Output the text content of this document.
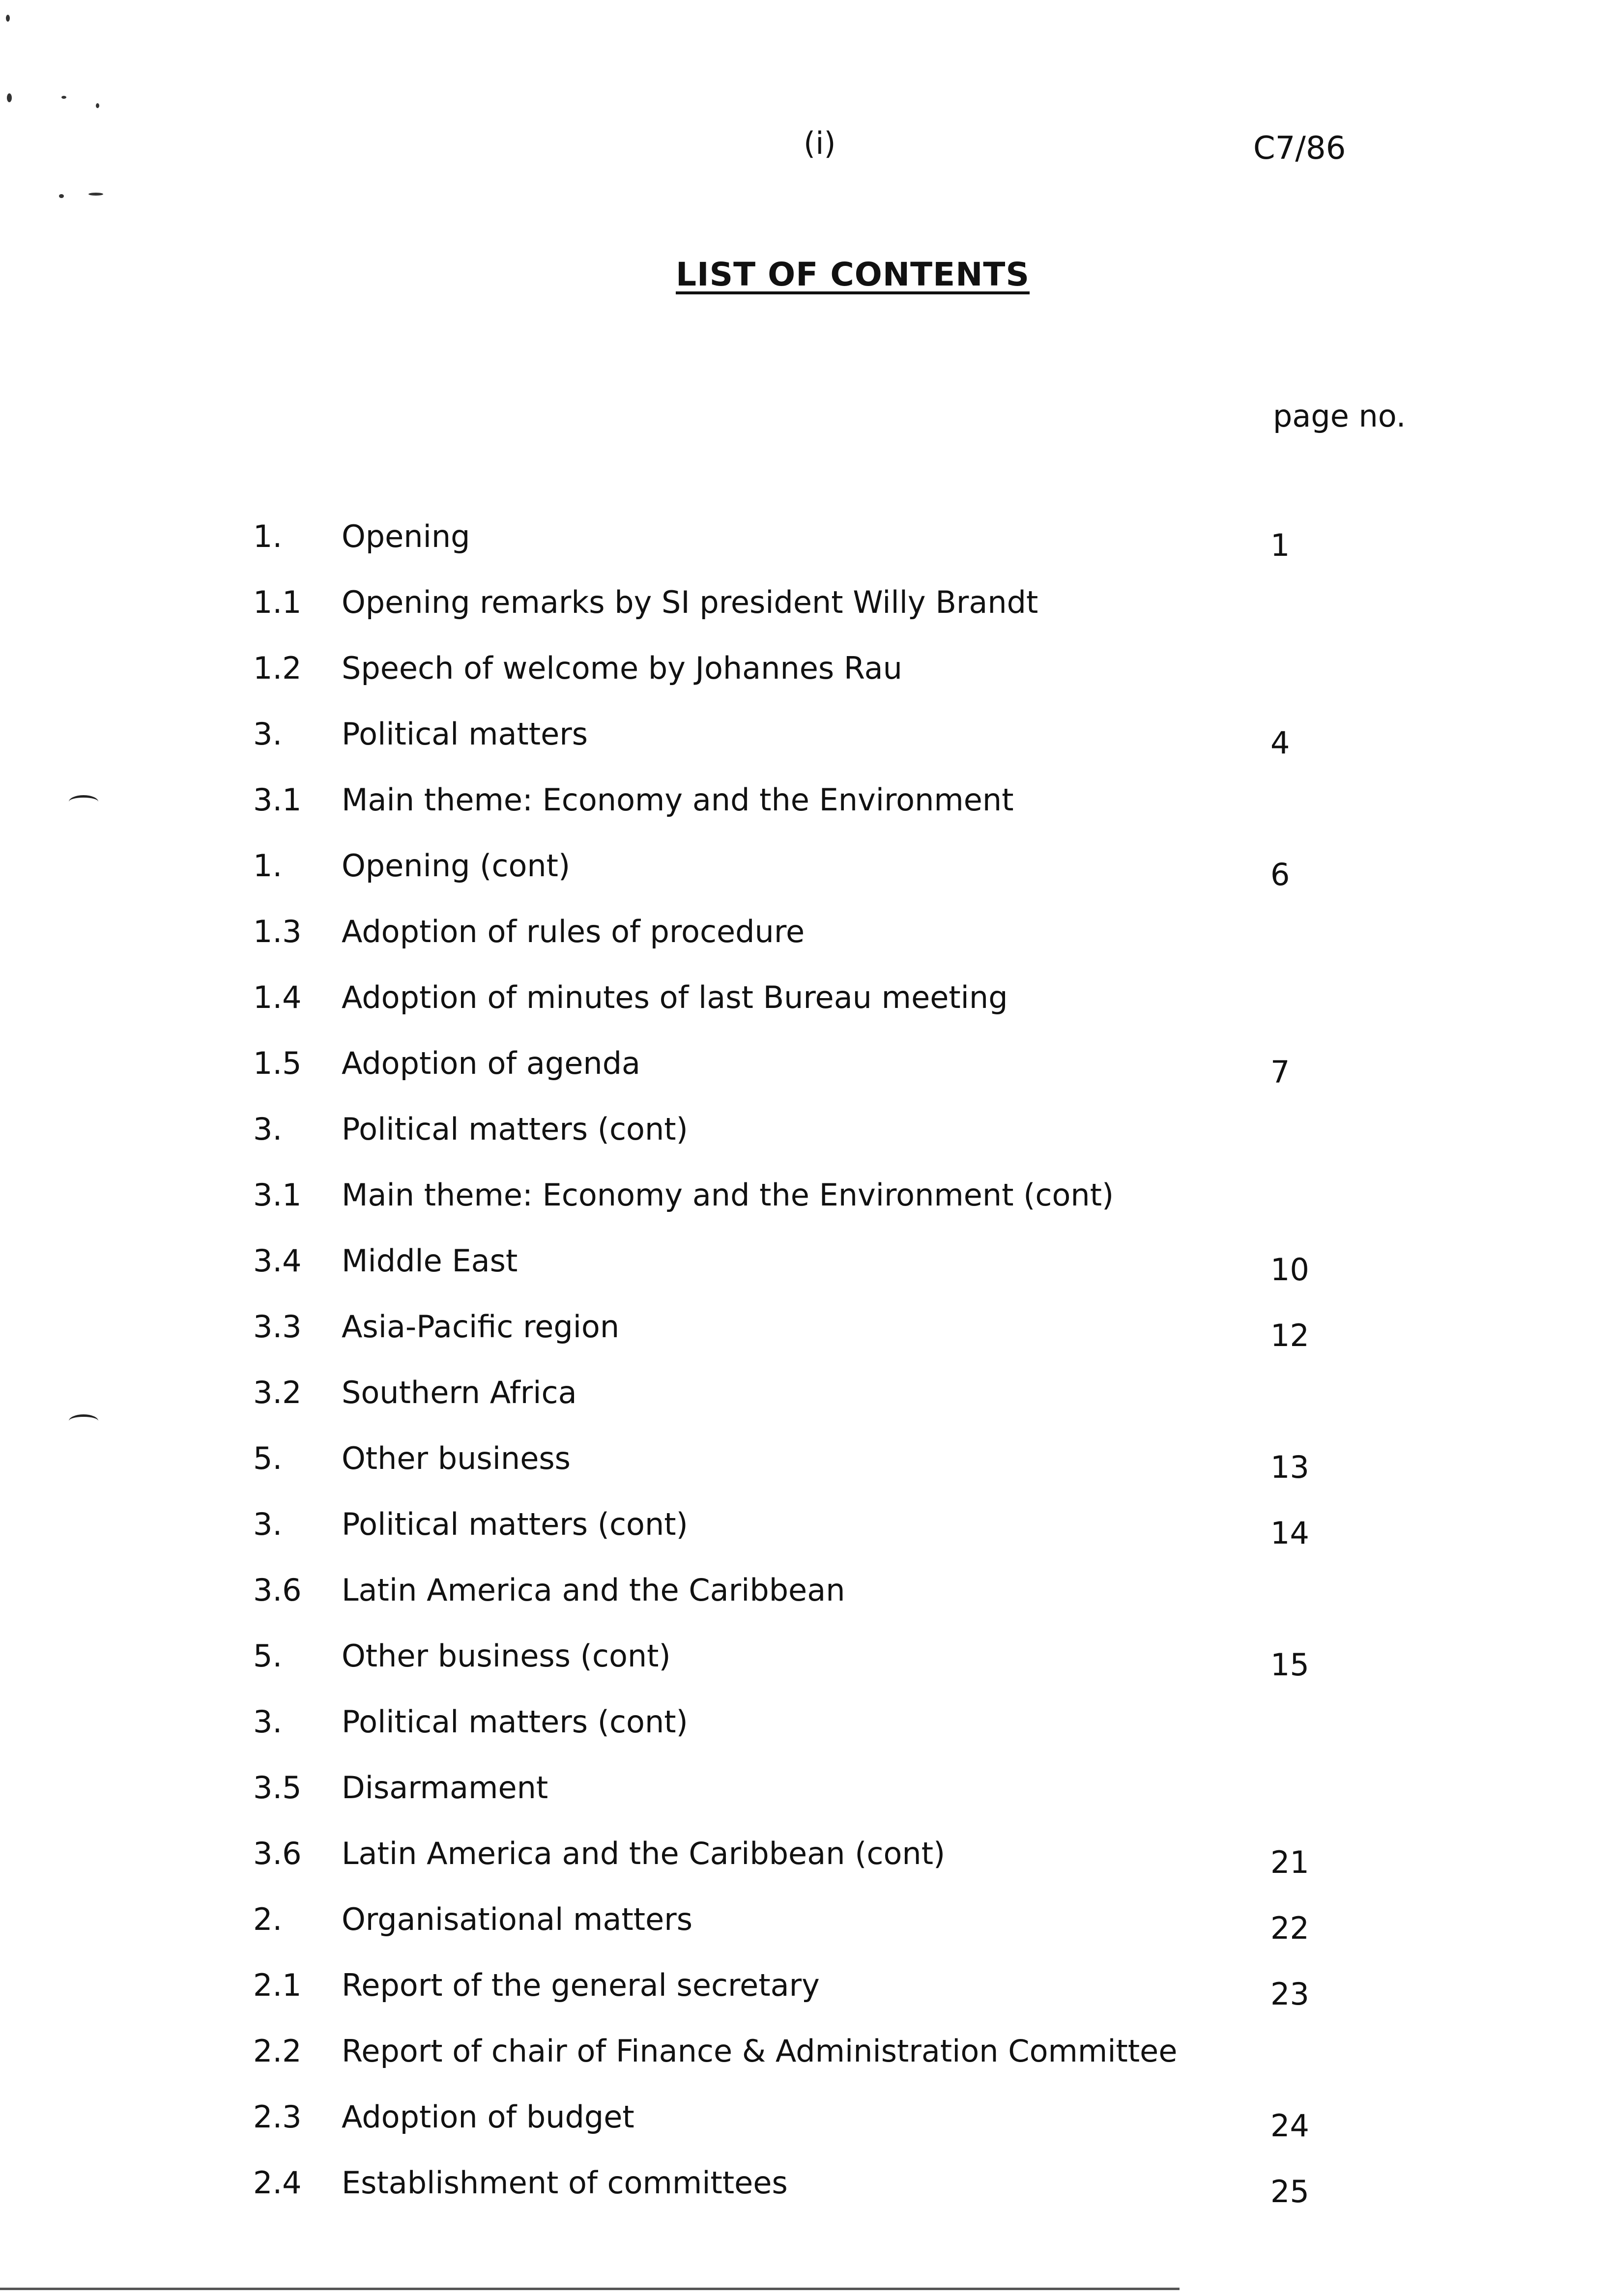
(i)	C7/86
LIST OF CONTENTS
page no.
1. Opening	1
1.1 Opening remarks by SI president Willy Brandt
1.2 Speech of welcome by Johannes Rau
3. Political matters	4
3.1 Main theme: Economy and the Environment
1. Opening (cont)	6
1.3 Adoption of rules of procedure
1.4 Adoption of minutes of last Bureau meeting
1.5 Adoption of agenda	7
3. Political matters (cont)
3.1 Main theme: Economy and the Environment (cont)
3.4 Middle East	10
3.3 Asia-Pacific region	12
3.2 Southern Africa
5. Other business	13
3. Political matters (cont)	14
3.6 Latin America and the Caribbean
5. Other business (cont)	15
3. Political matters (cont)
3.5 Disarmament
3.6 Latin America and the Caribbean (cont)	21
2. Organisational matters	22
2.1 Report of the general secretary	23
2.2 Report of chair of Finance & Administration Committee
2.3 Adoption of budget	24
2.4 Establishment of committees	25
